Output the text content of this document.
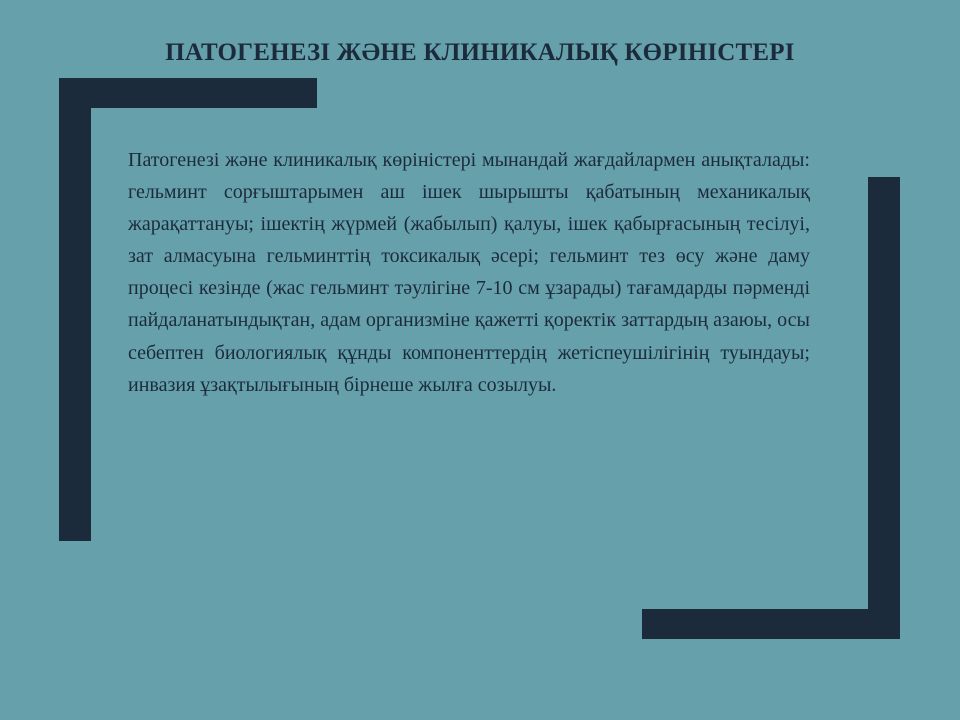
ПАТОГЕНЕЗІ ЖӘНЕ КЛИНИКАЛЫҚ КӨРІНІСТЕРІ

Патогенезі және клиникалық көріністері мынандай жағдайлармен анықталады: гельминт сорғыштарымен аш ішек шырышты қабатының механикалық жарақаттануы; ішектің жүрмей (жабылып) қалуы, ішек қабырғасының тесілуі, зат алмасуына гельминттің токсикалық әсері; гельминт тез өсу және даму процесі кезінде (жас гельминт тәулігіне 7-10 см ұзарады) тағамдарды пәрменді пайдаланатындықтан, адам организміне қажетті қоректік заттардың азаюы, осы себептен биологиялық құнды компоненттердің жетіспеушілігінің туындауы; инвазия ұзақтылығының бірнеше жылға созылуы.
